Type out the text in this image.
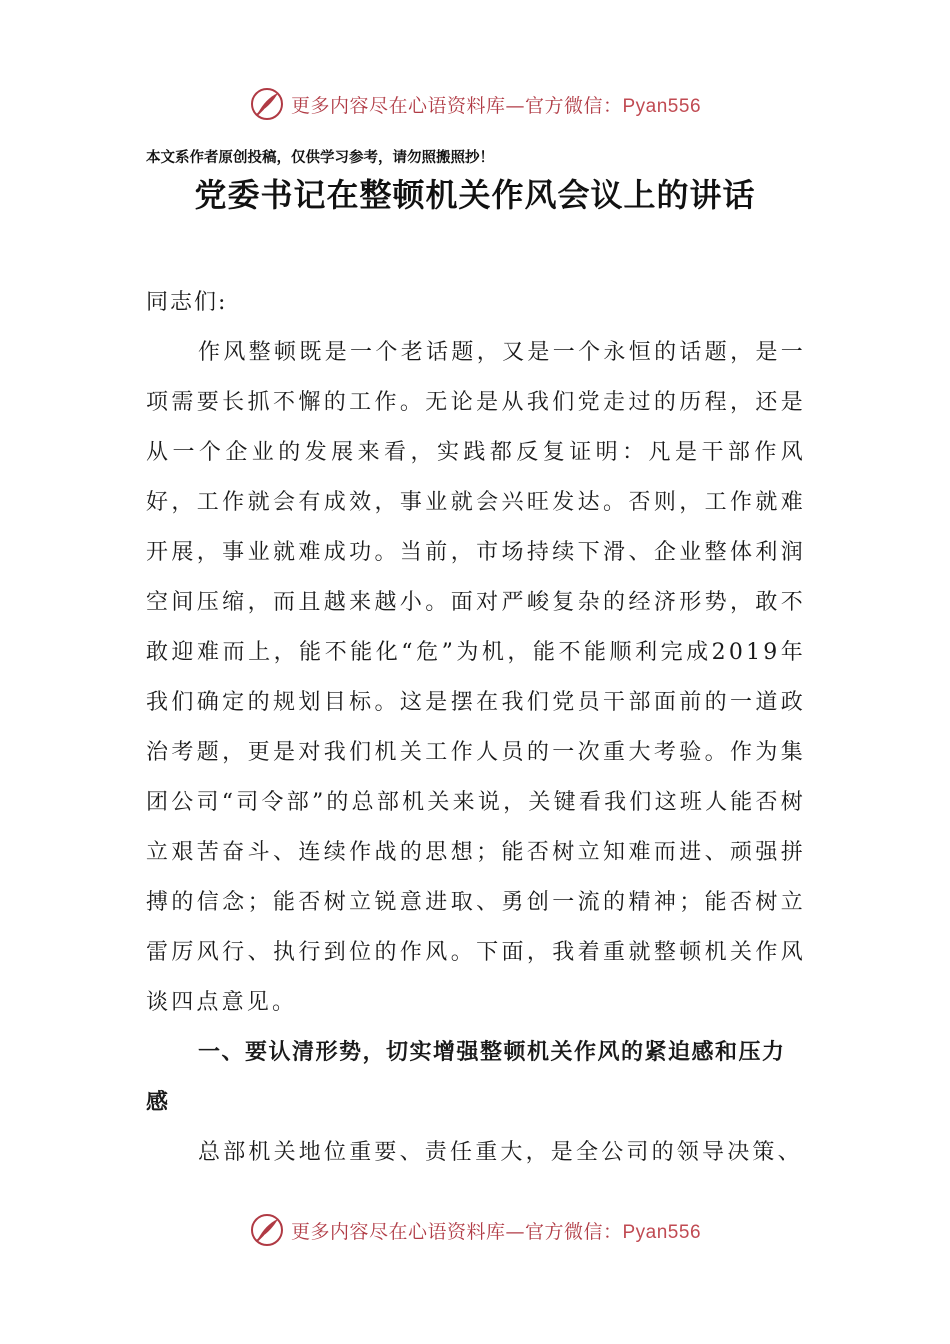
更多内容尽在心语资料库—官方微信：Pyan556
本文系作者原创投稿，仅供学习参考，请勿照搬照抄！
党委书记在整顿机关作风会议上的讲话

同志们:

作风整顿既是一个老话题，又是一个永恒的话题，是一项需要长抓不懈的工作。无论是从我们党走过的历程，还是从一个企业的发展来看，实践都反复证明：凡是干部作风好，工作就会有成效，事业就会兴旺发达。否则，工作就难开展，事业就难成功。当前，市场持续下滑、企业整体利润空间压缩，而且越来越小。面对严峻复杂的经济形势，敢不敢迎难而上，能不能化“危”为机，能不能顺利完成2019年我们确定的规划目标。这是摆在我们党员干部面前的一道政治考题，更是对我们机关工作人员的一次重大考验。作为集团公司“司令部”的总部机关来说，关键看我们这班人能否树立艰苦奋斗、连续作战的思想；能否树立知难而进、顽强拼搏的信念；能否树立锐意进取、勇创一流的精神；能否树立雷厉风行、执行到位的作风。下面，我着重就整顿机关作风谈四点意见。

一、要认清形势，切实增强整顿机关作风的紧迫感和压力感

总部机关地位重要、责任重大，是全公司的领导决策、

更多内容尽在心语资料库—官方微信：Pyan556
